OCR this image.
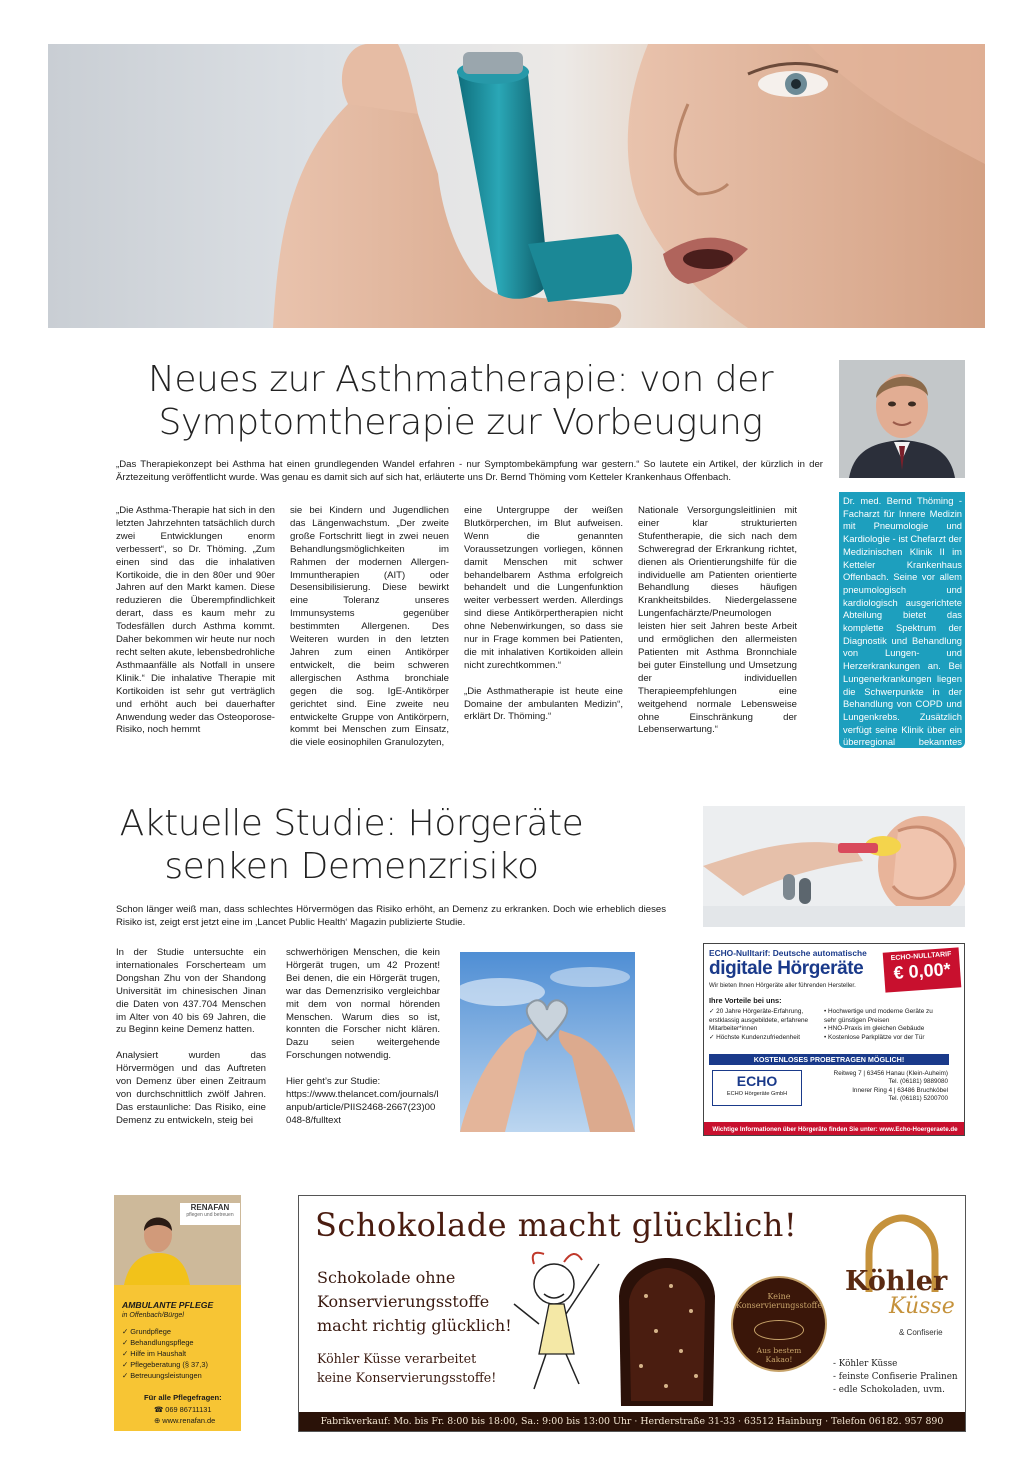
Neues zur Asthmatherapie: von der
Symptomtherapie zur Vorbeugung
„Das Therapiekonzept bei Asthma hat einen grundlegenden Wandel erfahren - nur Symptombekämpfung war gestern.“ So lautete ein Artikel, der kürzlich in der Ärztezeitung veröffentlicht wurde. Was genau es damit sich auf sich hat, erläuterte uns Dr. Bernd Thöming vom Ketteler Krankenhaus Offenbach.

„Die Asthma-Therapie hat sich in den letzten Jahrzehnten tatsächlich durch zwei Entwicklungen enorm verbessert“, so Dr. Thöming. „Zum einen sind das die inhalativen Kortikoide, die in den 80er und 90er Jahren auf den Markt kamen. Diese reduzieren die Überempfindlichkeit derart, dass es kaum mehr zu Todesfällen durch Asthma kommt. Daher bekommen wir heute nur noch recht selten akute, lebensbedrohliche Asthmaanfälle als Notfall in unsere Klinik.“ Die inhalative Therapie mit Kortikoiden ist sehr gut verträglich und erhöht auch bei dauerhafter Anwendung weder das Osteoporose-Risiko, noch hemmt

sie bei Kindern und Jugendlichen das Längenwachstum. „Der zweite große Fortschritt liegt in zwei neuen Behandlungsmöglichkeiten im Rahmen der modernen Allergen-Immuntherapien (AIT) oder Desensibilisierung. Diese bewirkt eine Toleranz unseres Immunsystems gegenüber bestimmten Allergenen. Des Weiteren wurden in den letzten Jahren zum einen Antikörper entwickelt, die beim schweren allergischen Asthma bronchiale gegen die sog. IgE-Antikörper gerichtet sind. Eine zweite neu entwickelte Gruppe von Antikörpern, kommt bei Menschen zum Einsatz, die viele eosinophilen Granulozyten,

eine Untergruppe der weißen Blutkörperchen, im Blut aufweisen. Wenn die genannten Voraussetzungen vorliegen, können damit Menschen mit schwer behandelbarem Asthma erfolgreich behandelt und die Lungenfunktion weiter verbessert werden. Allerdings sind diese Antikörpertherapien nicht ohne Nebenwirkungen, so dass sie nur in Frage kommen bei Patienten, die mit inhalativen Kortikoiden allein nicht zurechtkommen.“

„Die Asthmatherapie ist heute eine Domaine der ambulanten Medizin“, erklärt Dr. Thöming.“

Nationale Versorgungsleitlinien mit einer klar strukturierten Stufentherapie, die sich nach dem Schweregrad der Erkrankung richtet, dienen als Orientierungshilfe für die individuelle am Patienten orientierte Behandlung dieses häufigen Krankheitsbildes. Niedergelassene Lungenfachärzte/Pneumologen leisten hier seit Jahren beste Arbeit und ermöglichen den allermeisten Patienten mit Asthma Bronnchiale bei guter Einstellung und Umsetzung der individuellen Therapieempfehlungen eine weitgehend normale Lebensweise ohne Einschränkung der Lebenserwartung.“

Dr. med. Bernd Thöming - Facharzt für Innere Medizin mit Pneumologie und Kardiologie - ist Chefarzt der Medizinischen Klinik II im Ketteler Krankenhaus Offenbach. Seine vor allem pneumologisch und kardiologisch ausgerichtete Abteilung bietet das komplette Spektrum der Diagnostik und Behandlung von Lungen- und Herzerkrankungen an. Bei Lungenerkrankungen liegen die Schwerpunkte in der Behandlung von COPD und Lungenkrebs. Zusätzlich verfügt seine Klinik über ein überregional bekanntes Schlaflabor
Aktuelle Studie: Hörgeräte
senken Demenzrisiko
Schon länger weiß man, dass schlechtes Hörvermögen das Risiko erhöht, an Demenz zu erkranken. Doch wie erheblich dieses Risiko ist, zeigt erst jetzt eine im ‚Lancet Public Health‘ Magazin publizierte Studie.

In der Studie untersuchte ein internationales Forscherteam um Dongshan Zhu von der Shandong Universität im chinesischen Jinan die Daten von 437.704 Menschen im Alter von 40 bis 69 Jahren, die zu Beginn keine Demenz hatten.

Analysiert wurden das Hörvermögen und das Auftreten von Demenz über einen Zeitraum von durchschnittlich zwölf Jahren. Das erstaunliche: Das Risiko, eine Demenz zu entwickeln, steig bei

schwerhörigen Menschen, die kein Hörgerät trugen, um 42 Prozent! Bei denen, die ein Hörgerät trugen, war das Demenzrisiko vergleichbar mit dem von normal hörenden Menschen. Warum dies so ist, konnten die Forscher nicht klären. Dazu seien weitergehende Forschungen notwendig.

Hier geht’s zur Studie:
https://www.thelancet.com/journals/lanpub/article/PIIS2468-2667(23)00048-8/fulltext

ECHO-Nulltarif: Deutsche automatische
digitale Hörgeräte
Wir bieten Ihnen Hörgeräte aller führenden Hersteller.
ECHO-NULLTARIF
€ 0,00*
Ihre Vorteile bei uns:
✓ 20 Jahre Hörgeräte-Erfahrung, erstklassig ausgebildete, erfahrene Mitarbeiter*innen
✓ Höchste Kundenzufriedenheit
• Hochwertige und moderne Geräte zu sehr günstigen Preisen
• HNO-Praxis im gleichen Gebäude
• Kostenlose Parkplätze vor der Tür
KOSTENLOSES PROBETRAGEN MÖGLICH!
ECHO
ECHO Hörgeräte GmbH
Reitweg 7 | 63456 Hanau (Klein-Auheim)
Tel. (06181) 9889080
Innerer Ring 4 | 63486 Bruchköbel
Tel. (06181) 5200700
Wichtige Informationen über Hörgeräte finden Sie unter: www.Echo-Hoergeraete.de
RENAFAN
pflegen und betreuen
AMBULANTE PFLEGE
in Offenbach/Bürgel
✓ Grundpflege
✓ Behandlungspflege
✓ Hilfe im Haushalt
✓ Pflegeberatung (§ 37,3)
✓ Betreuungsleistungen
Für alle Pflegefragen:
☎ 069 86711131
⊕ www.renafan.de
Schokolade macht glücklich!
Schokolade ohne
Konservierungsstoffe
macht richtig glücklich!
Köhler Küsse verarbeitet
keine Konservierungsstoffe!
Keine Konservierungsstoffe
Aus bestem Kakao!
Köhler
Küsse
& Confiserie
- Köhler Küsse
- feinste Confiserie Pralinen
- edle Schokoladen, uvm.
Fabrikverkauf: Mo. bis Fr. 8:00 bis 18:00, Sa.: 9:00 bis 13:00 Uhr · Herderstraße 31-33 · 63512 Hainburg · Telefon 06182. 957 890
